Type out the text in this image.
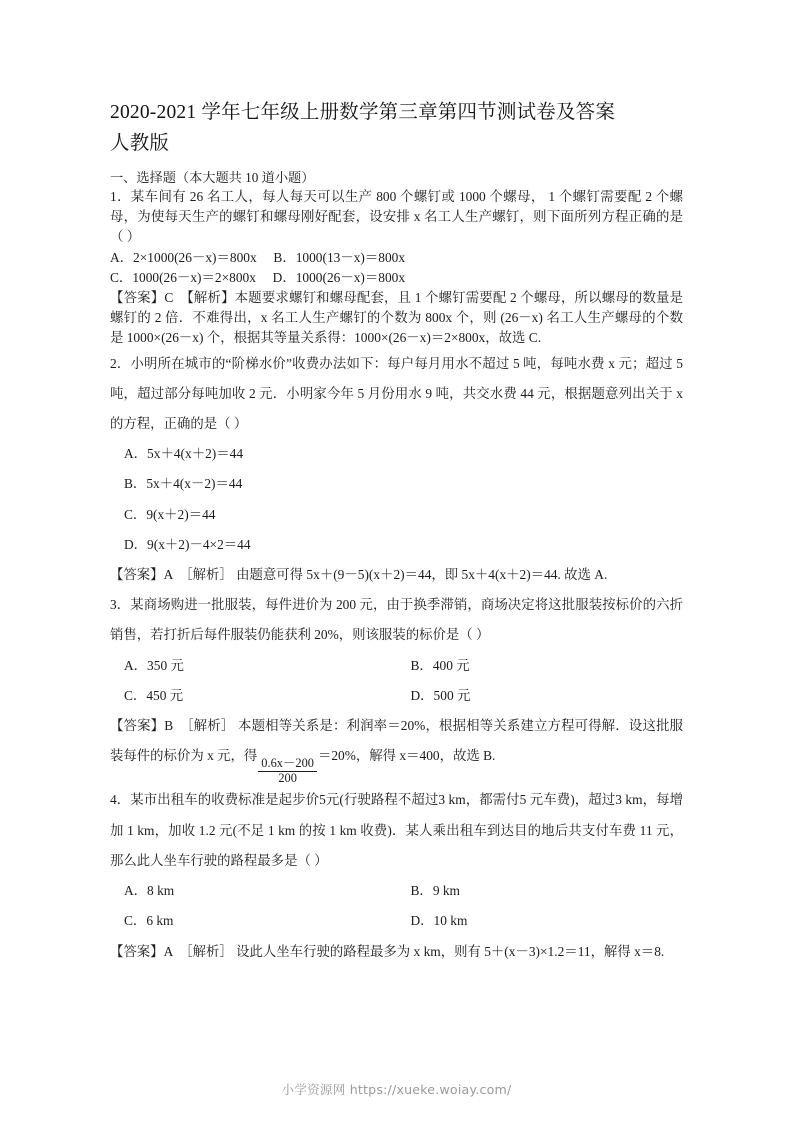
2020-2021 学年七年级上册数学第三章第四节测试卷及答案
人教版
一、选择题（本大题共 10 道小题）
1．某车间有 26 名工人，每人每天可以生产 800 个螺钉或 1000 个螺母， 1 个螺钉需要配 2 个螺母，为使每天生产的螺钉和螺母刚好配套，设安排 x 名工人生产螺钉，则下面所列方程正确的是（ ）
A．2×1000(26－x)＝800x　 B．1000(13－x)＝800x
C．1000(26－x)＝2×800x　 D．1000(26－x)＝800x
【答案】C　 【解析】本题要求螺钉和螺母配套，且 1 个螺钉需要配 2 个螺母，所以螺母的数量是螺钉的 2 倍．不难得出，x 名工人生产螺钉的个数为 800x 个，则 (26－x) 名工人生产螺母的个数是 1000×(26－x) 个，根据其等量关系得：1000×(26－x)＝2×800x，故选 C.
2．小明所在城市的“阶梯水价”收费办法如下：每户每月用水不超过 5 吨，每吨水费 x 元；超过 5 吨，超过部分每吨加收 2 元．小明家今年 5 月份用水 9 吨，共交水费 44 元，根据题意列出关于 x 的方程，正确的是（ ）
A．5x＋4(x＋2)＝44
B．5x＋4(x－2)＝44
C．9(x＋2)＝44
D．9(x＋2)－4×2＝44
【答案】A　 ［解析］ 由题意可得 5x＋(9－5)(x＋2)＝44，即 5x＋4(x＋2)＝44. 故选 A.
3．某商场购进一批服装，每件进价为 200 元，由于换季滞销，商场决定将这批服装按标价的六折销售，若打折后每件服装仍能获利 20%，则该服装的标价是（ ）
A．350 元	B．400 元
C．450 元	D．500 元
【答案】B　 ［解析］ 本题相等关系是：利润率＝20%，根据相等关系建立方程可得解．设这批服装每件的标价为 x 元，得
$\frac{0.6x-200}{200}$
＝20%，解得 x＝400，故选 B.
4．某市出租车的收费标准是起步价5元(行驶路程不超过3 km，都需付5 元车费)，超过3 km，每增加 1 km，加收 1.2 元(不足 1 km 的按 1 km 收费)．某人乘出租车到达目的地后共支付车费 11 元，那么此人坐车行驶的路程最多是（ ）
A．8 km	B．9 km
C．6 km	D．10 km
【答案】A　 ［解析］ 设此人坐车行驶的路程最多为 x km，则有 5＋(x－3)×1.2＝11，解得 x＝8.
小学资源网 https://xueke.woiay.com/
